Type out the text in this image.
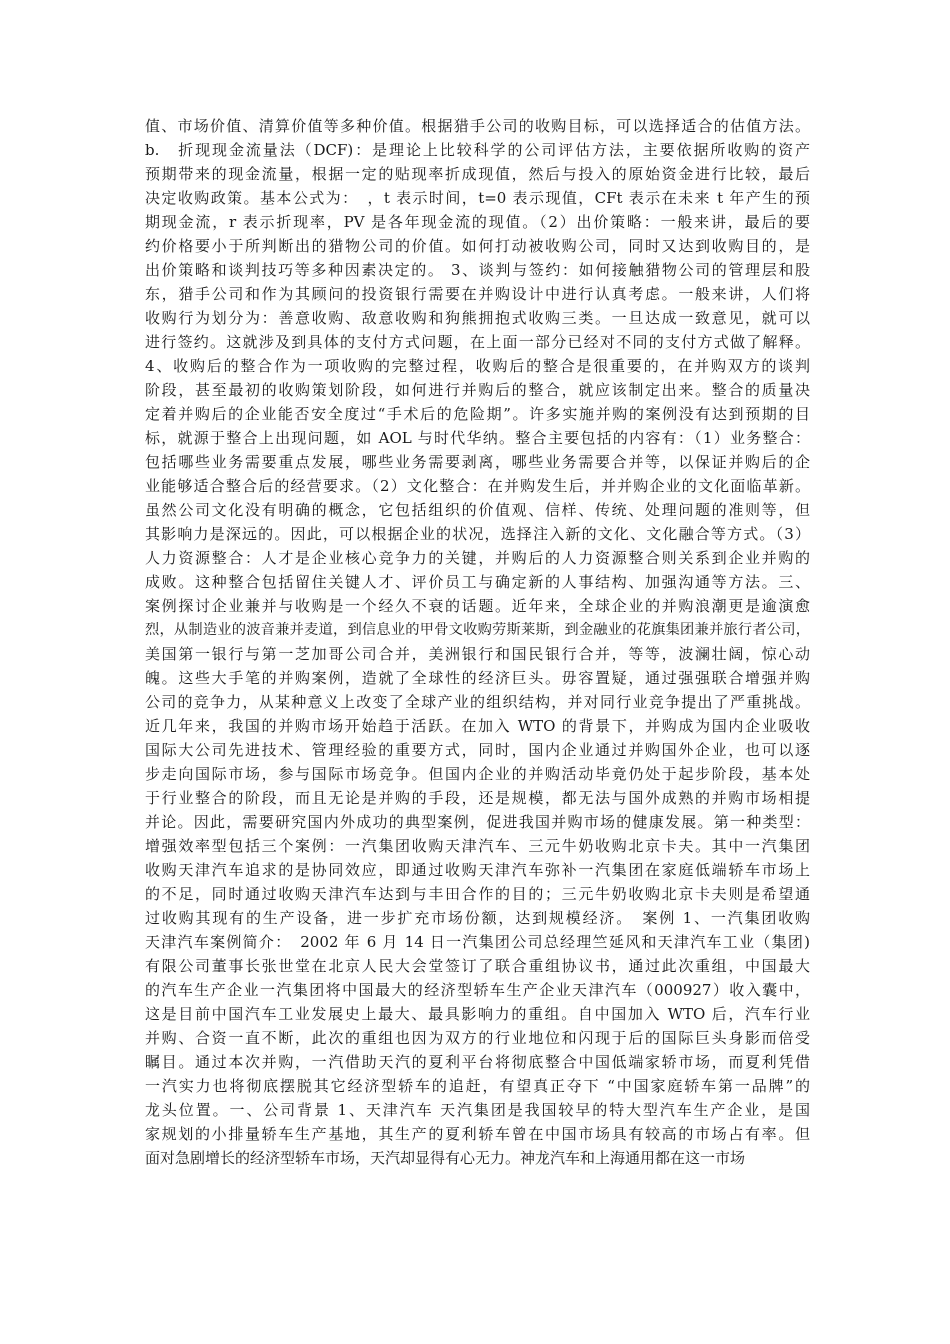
值、市场价值、清算价值等多种价值。根据猎手公司的收购目标，可以选择适合的估值方法。
b.　折现现金流量法（DCF)：是理论上比较科学的公司评估方法，主要依据所收购的资产
预期带来的现金流量，根据一定的贴现率折成现值，然后与投入的原始资金进行比较，最后
决定收购政策。基本公式为：　，t 表示时间，t=0 表示现值，CFt 表示在未来 t 年产生的预
期现金流，r 表示折现率，PV 是各年现金流的现值。（2）出价策略：一般来讲，最后的要
约价格要小于所判断出的猎物公司的价值。如何打动被收购公司，同时又达到收购目的，是
出价策略和谈判技巧等多种因素决定的。 3、谈判与签约：如何接触猎物公司的管理层和股
东，猎手公司和作为其顾问的投资银行需要在并购设计中进行认真考虑。一般来讲，人们将
收购行为划分为：善意收购、敌意收购和狗熊拥抱式收购三类。一旦达成一致意见，就可以
进行签约。这就涉及到具体的支付方式问题，在上面一部分已经对不同的支付方式做了解释。
4、收购后的整合作为一项收购的完整过程，收购后的整合是很重要的，在并购双方的谈判
阶段，甚至最初的收购策划阶段，如何进行并购后的整合，就应该制定出来。整合的质量决
定着并购后的企业能否安全度过“手术后的危险期”。许多实施并购的案例没有达到预期的目
标，就源于整合上出现问题，如 AOL 与时代华纳。整合主要包括的内容有：（1）业务整合：
包括哪些业务需要重点发展，哪些业务需要剥离，哪些业务需要合并等，以保证并购后的企
业能够适合整合后的经营要求。（2）文化整合：在并购发生后，并并购企业的文化面临革新。
虽然公司文化没有明确的概念，它包括组织的价值观、信样、传统、处理问题的准则等，但
其影响力是深远的。因此，可以根据企业的状况，选择注入新的文化、文化融合等方式。（3）
人力资源整合：人才是企业核心竞争力的关键，并购后的人力资源整合则关系到企业并购的
成败。这种整合包括留住关键人才、评价员工与确定新的人事结构、加强沟通等方法。三、
案例探讨企业兼并与收购是一个经久不衰的话题。近年来，全球企业的并购浪潮更是逾演愈
烈，从制造业的波音兼并麦道，到信息业的甲骨文收购劳斯莱斯，到金融业的花旗集团兼并旅行者公司，
美国第一银行与第一芝加哥公司合并，美洲银行和国民银行合并，等等，波澜壮阔，惊心动
魄。这些大手笔的并购案例，造就了全球性的经济巨头。毋容置疑，通过强强联合增强并购
公司的竞争力，从某种意义上改变了全球产业的组织结构，并对同行业竞争提出了严重挑战。
近几年来，我国的并购市场开始趋于活跃。在加入 WTO 的背景下，并购成为国内企业吸收
国际大公司先进技术、管理经验的重要方式，同时，国内企业通过并购国外企业，也可以逐
步走向国际市场，参与国际市场竞争。但国内企业的并购活动毕竟仍处于起步阶段，基本处
于行业整合的阶段，而且无论是并购的手段，还是规模，都无法与国外成熟的并购市场相提
并论。因此，需要研究国内外成功的典型案例，促进我国并购市场的健康发展。第一种类型：
增强效率型包括三个案例：一汽集团收购天津汽车、三元牛奶收购北京卡夫。其中一汽集团
收购天津汽车追求的是协同效应，即通过收购天津汽车弥补一汽集团在家庭低端轿车市场上
的不足，同时通过收购天津汽车达到与丰田合作的目的；三元牛奶收购北京卡夫则是希望通
过收购其现有的生产设备，进一步扩充市场份额，达到规模经济。　案例 1、一汽集团收购
天津汽车案例简介：　2002 年 6 月 14 日一汽集团公司总经理竺延风和天津汽车工业（集团)
有限公司董事长张世堂在北京人民大会堂签订了联合重组协议书，通过此次重组，中国最大
的汽车生产企业一汽集团将中国最大的经济型轿车生产企业天津汽车（000927）收入囊中，
这是目前中国汽车工业发展史上最大、最具影响力的重组。自中国加入 WTO 后，汽车行业
并购、合资一直不断，此次的重组也因为双方的行业地位和闪现于后的国际巨头身影而倍受
瞩目。通过本次并购，一汽借助天汽的夏利平台将彻底整合中国低端家轿市场，而夏利凭借
一汽实力也将彻底摆脱其它经济型轿车的追赶，有望真正夺下 “中国家庭轿车第一品牌”的
龙头位置。一、公司背景 1、天津汽车 天汽集团是我国较早的特大型汽车生产企业，是国
家规划的小排量轿车生产基地，其生产的夏利轿车曾在中国市场具有较高的市场占有率。但
面对急剧增长的经济型轿车市场，天汽却显得有心无力。神龙汽车和上海通用都在这一市场
